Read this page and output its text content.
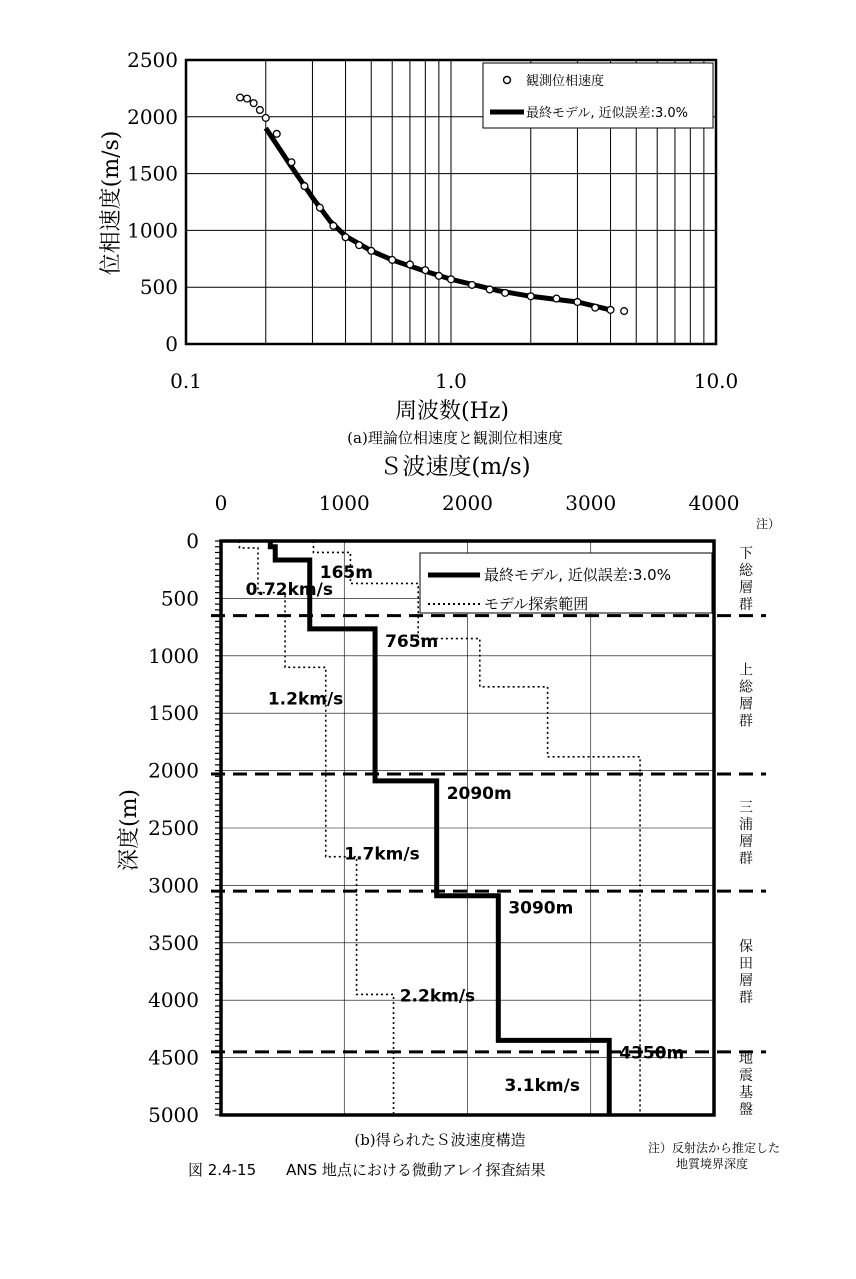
0
500
1000
1500
2000
2500
0.1	1.0	10.0
位相速度(m/s)
周波数(Hz)
(a)理論位相速度と観測位相速度
観測位相速度
最終モデル, 近似誤差:3.0%
Ｓ波速度(m/s)
0	1000	2000	3000	4000
0
500
1000
1500
2000
2500
3000
3500
4000
4500
5000
深度(m)
165m
0.72km/s
765m
1.2km/s
2090m
1.7km/s
3090m
2.2km/s
4350m
3.1km/s
下
総
層
群
上
総
層
群
三
浦
層
群
保
田
層
群
地
震
基
盤
最終モデル, 近似誤差:3.0%
モデル探索範囲
注）
(b)得られたＳ波速度構造	注）反射法から推定した
地質境界深度
図 2.4-15　　ANS 地点における微動アレイ探査結果
